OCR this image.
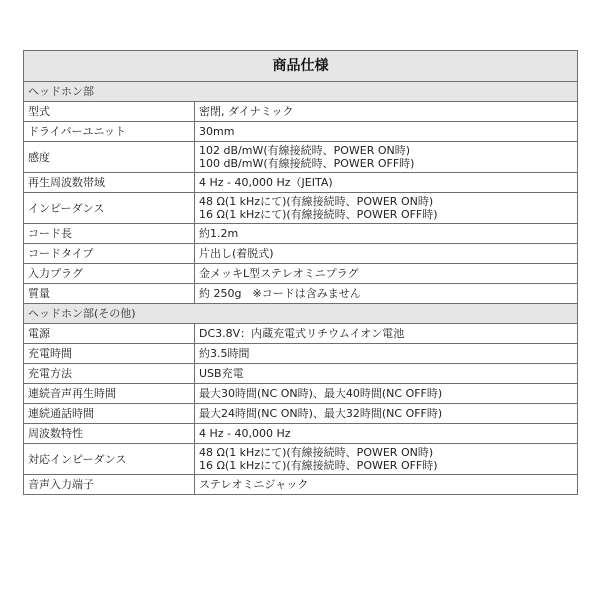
商品仕様	
ヘッドホン部	
型式	密閉, ダイナミック

ドライバーユニット	30mm

感度	102 dB/mW(有線接続時、POWER ON時)
100 dB/mW(有線接続時、POWER OFF時)

再生周波数帯域	4 Hz - 40,000 Hz（JEITA)

インピーダンス	48 Ω(1 kHzにて)(有線接続時、POWER ON時)
16 Ω(1 kHzにて)(有線接続時、POWER OFF時)

コード長	約1.2m

コードタイプ	片出し(着脱式)

入力プラグ	金メッキL型ステレオミニプラグ

質量	約 250g　※コードは含みません

ヘッドホン部(その他)	
電源	DC3.8V：内蔵充電式リチウムイオン電池

充電時間	約3.5時間

充電方法	USB充電

連続音声再生時間	最大30時間(NC ON時)、最大40時間(NC OFF時)

連続通話時間	最大24時間(NC ON時)、最大32時間(NC OFF時)

周波数特性	4 Hz - 40,000 Hz

対応インピーダンス	48 Ω(1 kHzにて)(有線接続時、POWER ON時)
16 Ω(1 kHzにて)(有線接続時、POWER OFF時)

音声入力端子	ステレオミニジャック
